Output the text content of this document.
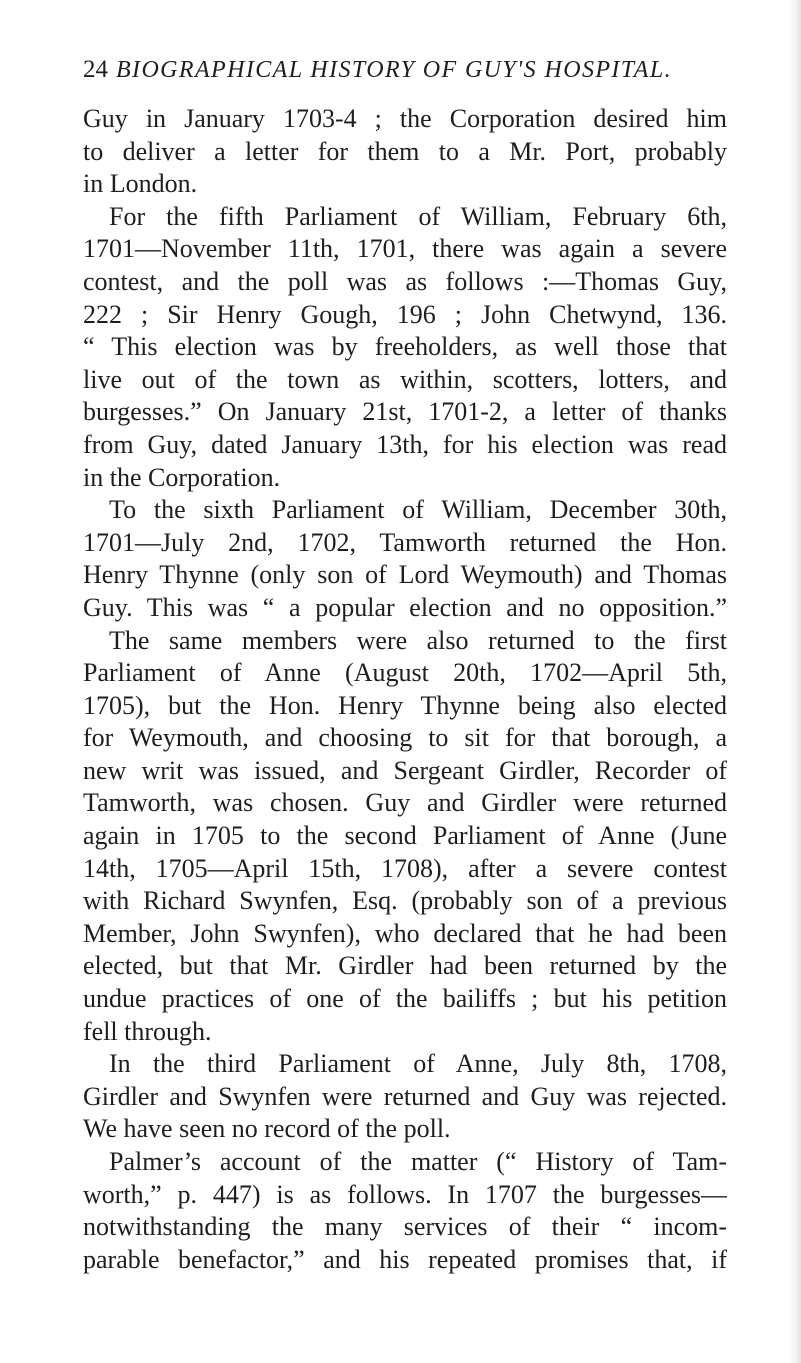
24 BIOGRAPHICAL HISTORY OF GUY'S HOSPITAL.
Guy in January 1703-4 ; the Corporation desired him
to deliver a letter for them to a Mr. Port, probably
in London.
For the fifth Parliament of William, February 6th,
1701—November 11th, 1701, there was again a severe
contest, and the poll was as follows :—Thomas Guy,
222 ; Sir Henry Gough, 196 ; John Chetwynd, 136.
“ This election was by freeholders, as well those that
live out of the town as within, scotters, lotters, and
burgesses.” On January 21st, 1701-2, a letter of thanks
from Guy, dated January 13th, for his election was read
in the Corporation.
To the sixth Parliament of William, December 30th,
1701—July 2nd, 1702, Tamworth returned the Hon.
Henry Thynne (only son of Lord Weymouth) and Thomas
Guy. This was “ a popular election and no opposition.”
The same members were also returned to the first
Parliament of Anne (August 20th, 1702—April 5th,
1705), but the Hon. Henry Thynne being also elected
for Weymouth, and choosing to sit for that borough, a
new writ was issued, and Sergeant Girdler, Recorder of
Tamworth, was chosen. Guy and Girdler were returned
again in 1705 to the second Parliament of Anne (June
14th, 1705—April 15th, 1708), after a severe contest
with Richard Swynfen, Esq. (probably son of a previous
Member, John Swynfen), who declared that he had been
elected, but that Mr. Girdler had been returned by the
undue practices of one of the bailiffs ; but his petition
fell through.
In the third Parliament of Anne, July 8th, 1708,
Girdler and Swynfen were returned and Guy was rejected.
We have seen no record of the poll.
Palmer’s account of the matter (“ History of Tam-
worth,” p. 447) is as follows. In 1707 the burgesses—
notwithstanding the many services of their “ incom-
parable benefactor,” and his repeated promises that, if
